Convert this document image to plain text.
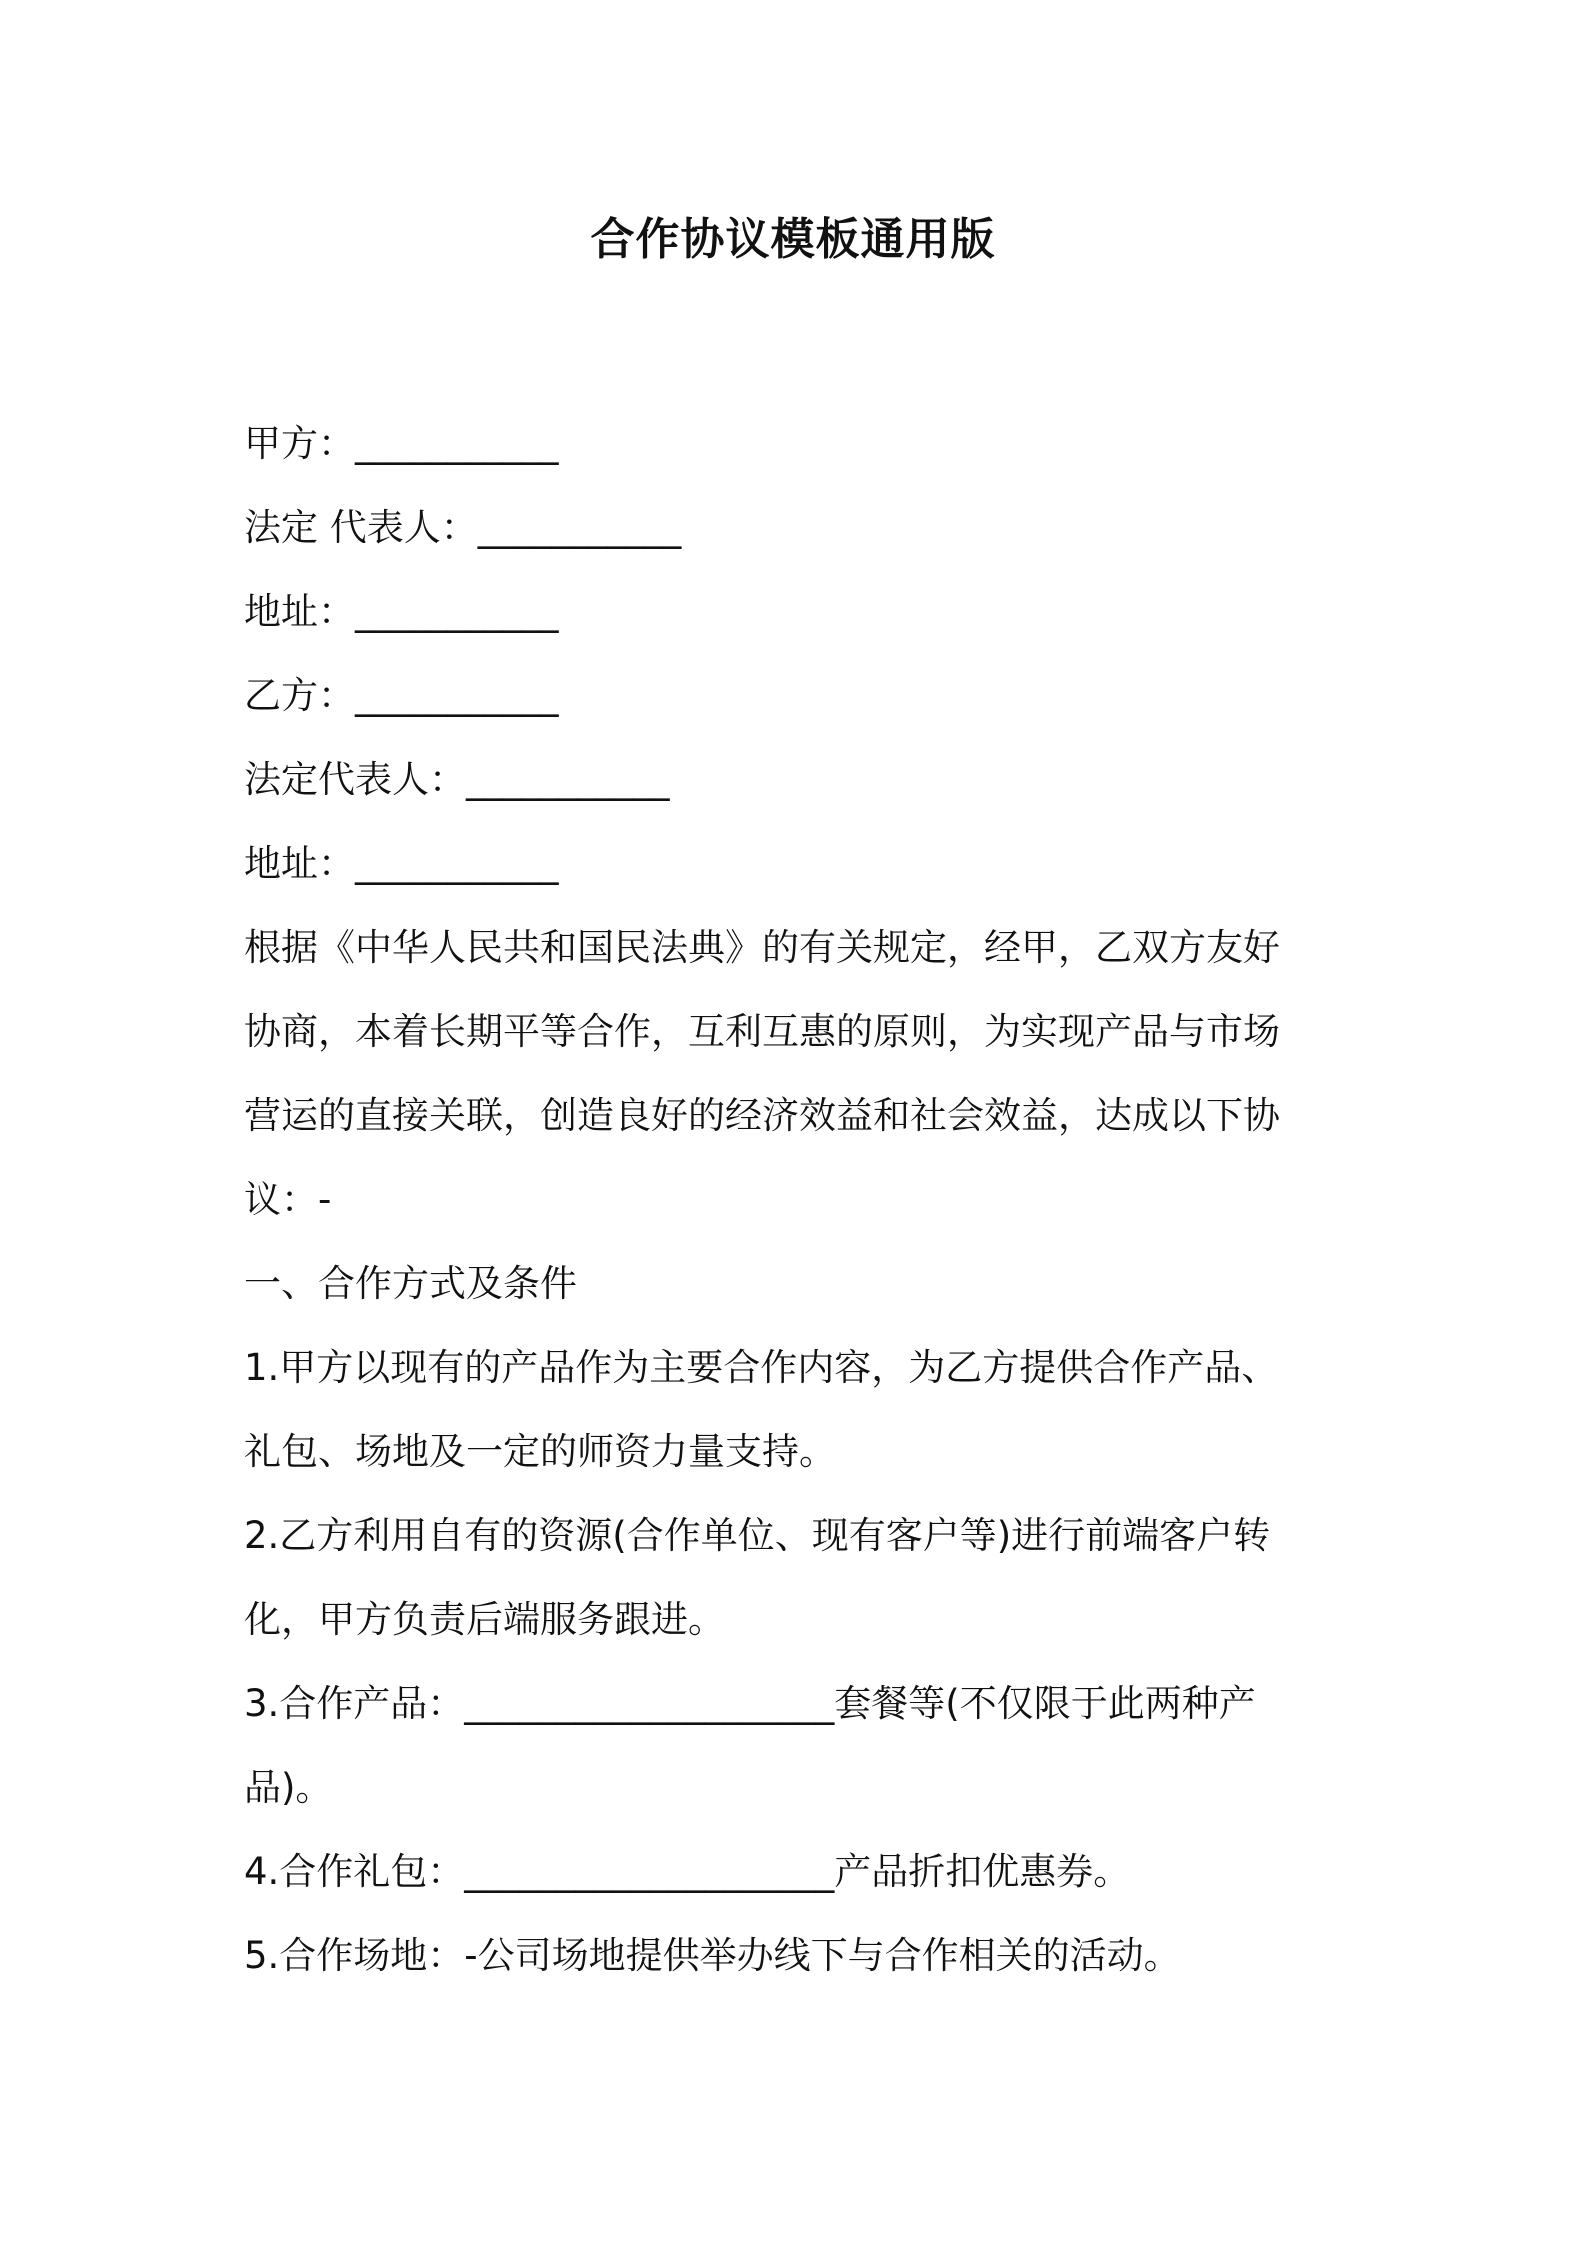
合作协议模板通用版
甲方：___________
法定 代表人：___________
地址：___________
乙方：___________
法定代表人：___________
地址：___________
根据《中华人民共和国民法典》的有关规定，经甲，乙双方友好
协商，本着长期平等合作，互利互惠的原则，为实现产品与市场
营运的直接关联，创造良好的经济效益和社会效益，达成以下协
议：-
一、合作方式及条件
1.甲方以现有的产品作为主要合作内容，为乙方提供合作产品、
礼包、场地及一定的师资力量支持。
2.乙方利用自有的资源(合作单位、现有客户等)进行前端客户转
化，甲方负责后端服务跟进。
3.合作产品：____________________套餐等(不仅限于此两种产
品)。
4.合作礼包：____________________产品折扣优惠券。
5.合作场地：-公司场地提供举办线下与合作相关的活动。
